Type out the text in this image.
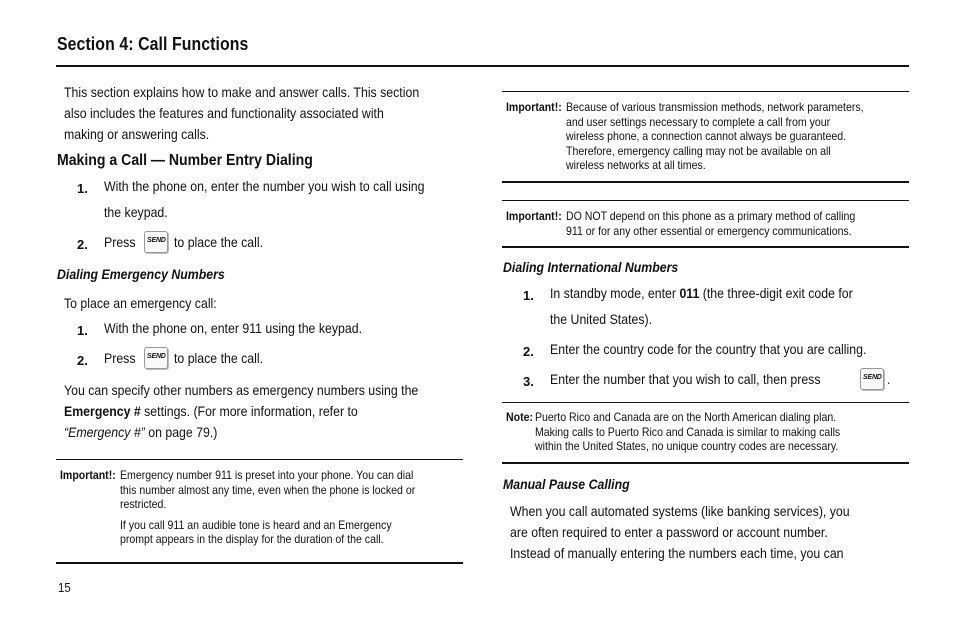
Section 4: Call Functions
This section explains how to make and answer calls. This section
also includes the features and functionality associated with
making or answering calls.
Making a Call — Number Entry Dialing
1. With the phone on, enter the number you wish to call using
the keypad.
2. Press	SEND to place the call.
Dialing Emergency Numbers
To place an emergency call:
1. With the phone on, enter 911 using the keypad.
2. Press	SEND to place the call.
You can specify other numbers as emergency numbers using the
Emergency # settings. (For more information, refer to
“Emergency #” on page 79.)
Important!: Emergency number 911 is preset into your phone. You can dial
this number almost any time, even when the phone is locked or
restricted.
If you call 911 an audible tone is heard and an Emergency
prompt appears in the display for the duration of the call.
15
Important!: Because of various transmission methods, network parameters,
and user settings necessary to complete a call from your
wireless phone, a connection cannot always be guaranteed.
Therefore, emergency calling may not be available on all
wireless networks at all times.
Important!: DO NOT depend on this phone as a primary method of calling
911 or for any other essential or emergency communications.
Dialing International Numbers
1. In standby mode, enter 011 (the three-digit exit code for
the United States).
2. Enter the country code for the country that you are calling.
3. Enter the number that you wish to call, then press	SEND .
Note: Puerto Rico and Canada are on the North American dialing plan.
Making calls to Puerto Rico and Canada is similar to making calls
within the United States, no unique country codes are necessary.
Manual Pause Calling
When you call automated systems (like banking services), you
are often required to enter a password or account number.
Instead of manually entering the numbers each time, you can
